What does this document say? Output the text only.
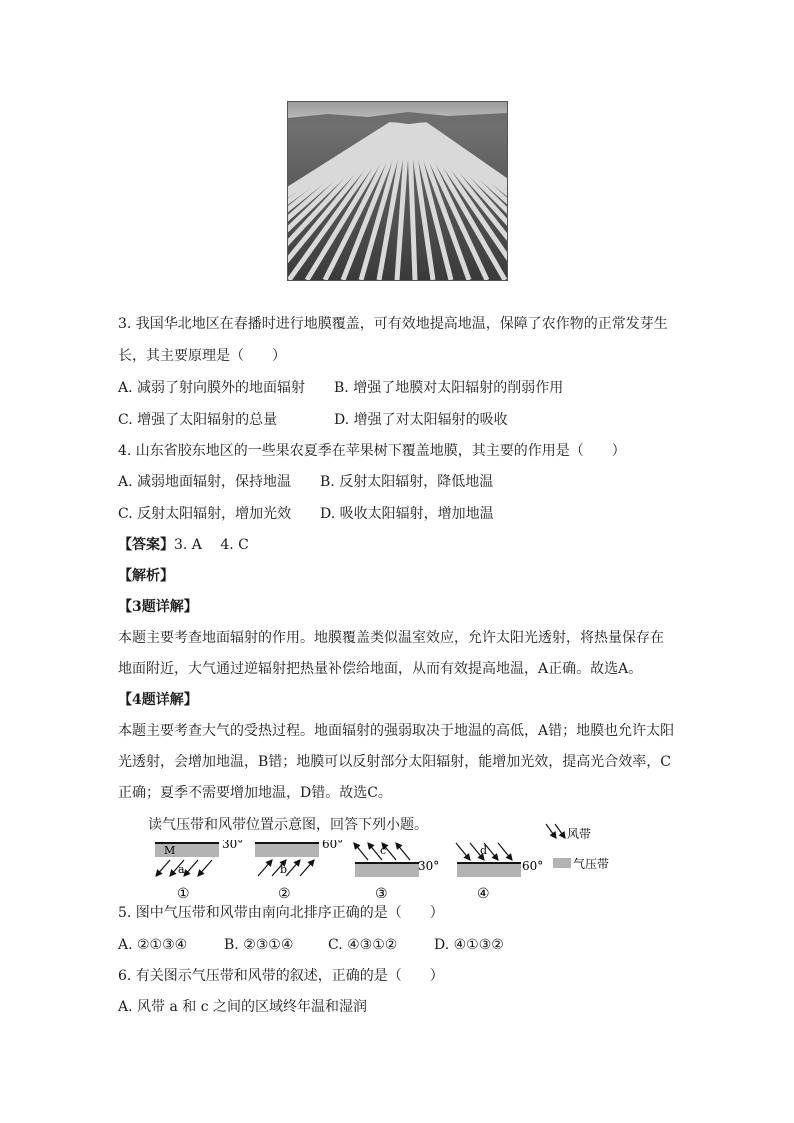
3. 我国华北地区在春播时进行地膜覆盖，可有效地提高地温，保障了农作物的正常发芽生
长，其主要原理是（　　）
A. 减弱了射向膜外的地面辐射 B. 增强了地膜对太阳辐射的削弱作用
C. 增强了太阳辐射的总量	D. 增强了对太阳辐射的吸收
4. 山东省胶东地区的一些果农夏季在苹果树下覆盖地膜，其主要的作用是（　　）
A. 减弱地面辐射，保持地温 B. 反射太阳辐射，降低地温
C. 反射太阳辐射，增加光效 D. 吸收太阳辐射，增加地温
【答案】3. A　 4. C
【解析】
【3题详解】
本题主要考查地面辐射的作用。地膜覆盖类似温室效应，允许太阳光透射，将热量保存在
地面附近，大气通过逆辐射把热量补偿给地面，从而有效提高地温，A正确。故选A。
【4题详解】
本题主要考查大气的受热过程。地面辐射的强弱取决于地温的高低，A错；地膜也允许太阳
光透射，会增加地温，B错；地膜可以反射部分太阳辐射，能增加光效，提高光合效率，C
正确；夏季不需要增加地温，D错。故选C。
读气压带和风带位置示意图，回答下列小题。
M	30°
a
①
60°
b
②
c
30°
③
d
60°
④
风带
气压带
5. 图中气压带和风带由南向北排序正确的是（　　）
A. ②①③④	B. ②③①④ C. ④③①②	D. ④①③②
6. 有关图示气压带和风带的叙述，正确的是（　　）
A. 风带 a 和 c 之间的区域终年温和湿润
